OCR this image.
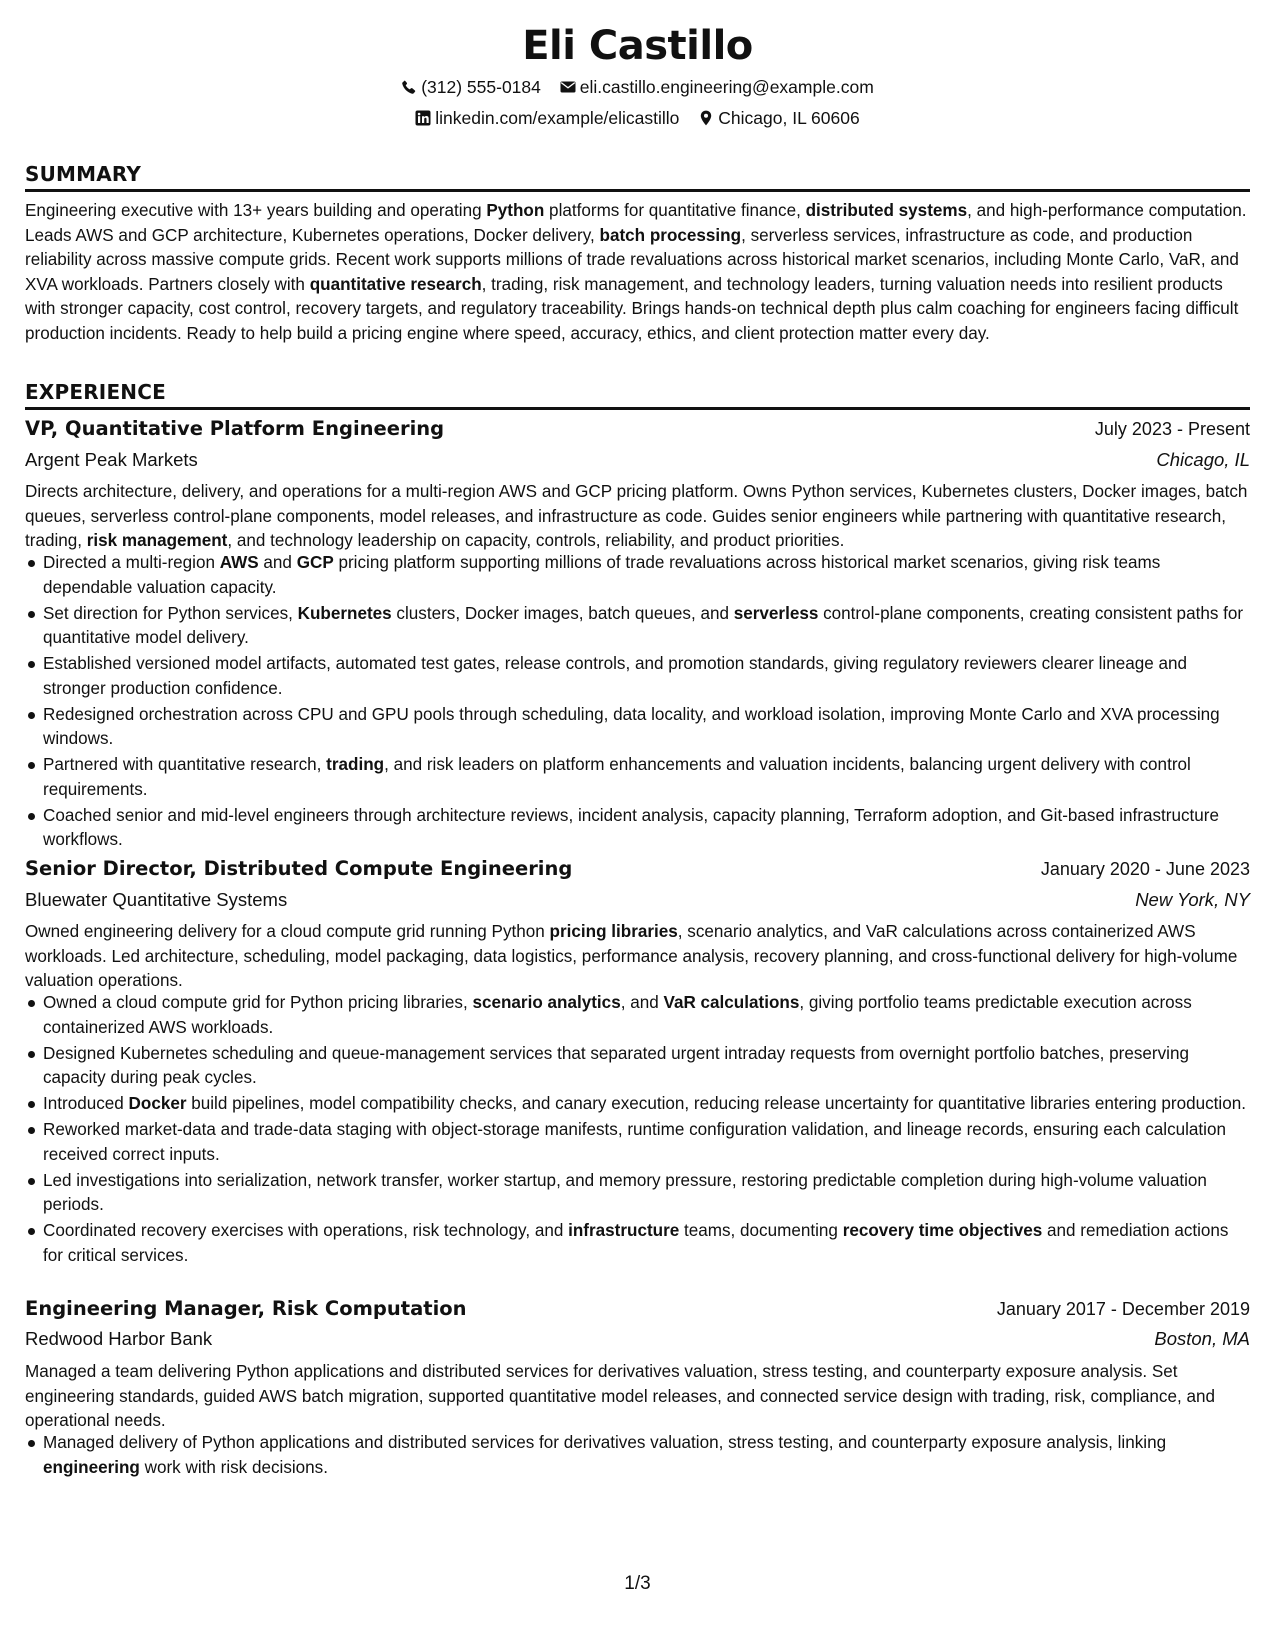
Eli Castillo
(312) 555-0184
eli.castillo.engineering@example.com
linkedin.com/example/elicastillo
Chicago, IL 60606
SUMMARY

Engineering executive with 13+ years building and operating Python platforms for quantitative finance, distributed systems, and high-performance computation. Leads AWS and GCP architecture, Kubernetes operations, Docker delivery, batch processing, serverless services, infrastructure as code, and production reliability across massive compute grids. Recent work supports millions of trade revaluations across historical market scenarios, including Monte Carlo, VaR, and XVA workloads. Partners closely with quantitative research, trading, risk management, and technology leaders, turning valuation needs into resilient products with stronger capacity, cost control, recovery targets, and regulatory traceability. Brings hands-on technical depth plus calm coaching for engineers facing difficult production incidents. Ready to help build a pricing engine where speed, accuracy, ethics, and client protection matter every day.

EXPERIENCE
VP, Quantitative Platform Engineering	July 2023 - Present
Argent Peak Markets	Chicago, IL

Directs architecture, delivery, and operations for a multi-region AWS and GCP pricing platform. Owns Python services, Kubernetes clusters, Docker images, batch queues, serverless control-plane components, model releases, and infrastructure as code. Guides senior engineers while partnering with quantitative research, trading, risk management, and technology leadership on capacity, controls, reliability, and product priorities.

Directed a multi-region AWS and GCP pricing platform supporting millions of trade revaluations across historical market scenarios, giving risk teams dependable valuation capacity.
Set direction for Python services, Kubernetes clusters, Docker images, batch queues, and serverless control-plane components, creating consistent paths for quantitative model delivery.
Established versioned model artifacts, automated test gates, release controls, and promotion standards, giving regulatory reviewers clearer lineage and stronger production confidence.
Redesigned orchestration across CPU and GPU pools through scheduling, data locality, and workload isolation, improving Monte Carlo and XVA processing windows.
Partnered with quantitative research, trading, and risk leaders on platform enhancements and valuation incidents, balancing urgent delivery with control requirements.
Coached senior and mid-level engineers through architecture reviews, incident analysis, capacity planning, Terraform adoption, and Git-based infrastructure workflows.
Senior Director, Distributed Compute Engineering	January 2020 - June 2023
Bluewater Quantitative Systems	New York, NY

Owned engineering delivery for a cloud compute grid running Python pricing libraries, scenario analytics, and VaR calculations across containerized AWS workloads. Led architecture, scheduling, model packaging, data logistics, performance analysis, recovery planning, and cross-functional delivery for high-volume valuation operations.

Owned a cloud compute grid for Python pricing libraries, scenario analytics, and VaR calculations, giving portfolio teams predictable execution across containerized AWS workloads.
Designed Kubernetes scheduling and queue-management services that separated urgent intraday requests from overnight portfolio batches, preserving capacity during peak cycles.
Introduced Docker build pipelines, model compatibility checks, and canary execution, reducing release uncertainty for quantitative libraries entering production.
Reworked market-data and trade-data staging with object-storage manifests, runtime configuration validation, and lineage records, ensuring each calculation received correct inputs.
Led investigations into serialization, network transfer, worker startup, and memory pressure, restoring predictable completion during high-volume valuation periods.
Coordinated recovery exercises with operations, risk technology, and infrastructure teams, documenting recovery time objectives and remediation actions for critical services.
Engineering Manager, Risk Computation	January 2017 - December 2019
Redwood Harbor Bank	Boston, MA

Managed a team delivering Python applications and distributed services for derivatives valuation, stress testing, and counterparty exposure analysis. Set engineering standards, guided AWS batch migration, supported quantitative model releases, and connected service design with trading, risk, compliance, and operational needs.

Managed delivery of Python applications and distributed services for derivatives valuation, stress testing, and counterparty exposure analysis, linking engineering work with risk decisions.
1/3
